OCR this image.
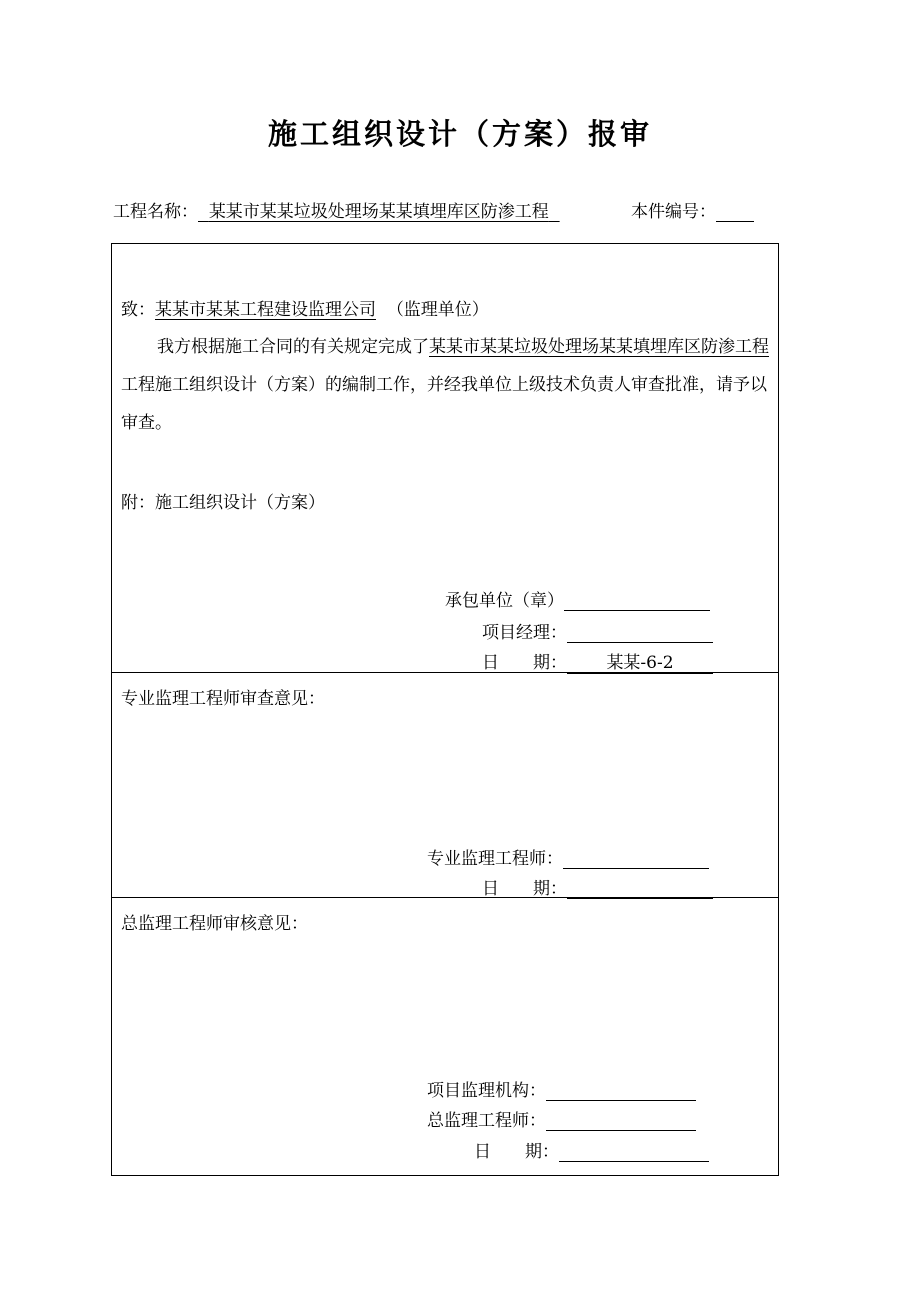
施工组织设计（方案）报审
工程名称： 某某市某某垃圾处理场某某填埋库区防渗工程	本件编号：
致：某某市某某工程建设监理公司 （监理单位）
我方根据施工合同的有关规定完成了某某市某某垃圾处理场某某填埋库区防渗工程工程施工组织设计（方案）的编制工作，并经我单位上级技术负责人审查批准，请予以审查。
附：施工组织设计（方案）
承包单位（章）
项目经理：
日　　期： 某某-6-2
专业监理工程师审查意见：
专业监理工程师：
日　　期：
总监理工程师审核意见：
项目监理机构：
总监理工程师：
日　　期：
